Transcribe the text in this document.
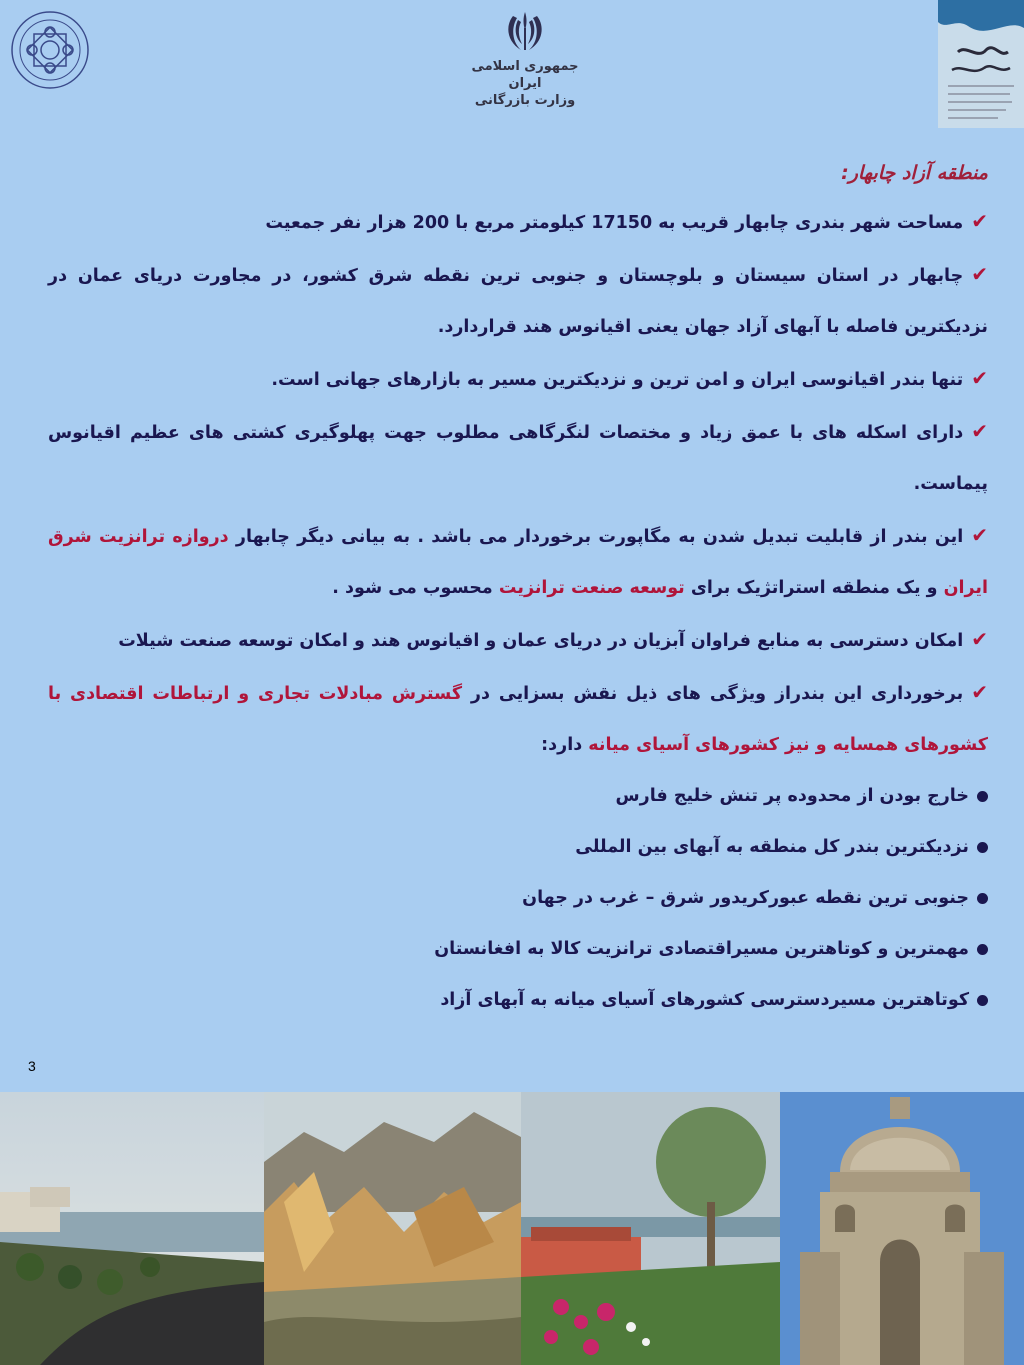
جمهوری اسلامی ایران
وزارت بازرگانی
منطقه آزاد چابهار:

✔مساحت شهر بندری چابهار قریب به 17150 کیلومتر مربع با 200 هزار نفر جمعیت

✔چابهار در استان سیستان و بلوچستان و جنوبی ترین نقطه شرق کشور، در مجاورت دریای عمان در نزدیکترین فاصله با آبهای آزاد جهان یعنی اقیانوس هند قراردارد.

✔تنها بندر اقیانوسی ایران و امن ترین و نزدیکترین مسیر به بازارهای جهانی است.

✔دارای اسکله های با عمق زیاد و مختصات لنگرگاهی مطلوب جهت پهلوگیری کشتی های عظیم اقیانوس پیماست.

✔این بندر از قابلیت تبدیل شدن به مگاپورت برخوردار می باشد . به بیانی دیگر چابهار دروازه ترانزیت شرق ایران و یک منطقه استراتژیک برای توسعه صنعت ترانزیت محسوب می شود .

✔امکان دسترسی به منابع فراوان آبزیان در دریای عمان و اقیانوس هند و امکان توسعه صنعت شیلات

✔برخورداری این بندراز ویژگی های ذیل نقش بسزایی در گسترش مبادلات تجاری و ارتباطات اقتصادی با کشورهای همسایه و نیز کشورهای آسیای میانه دارد:

خارج بودن از محدوده پر تنش خلیج فارس

نزدیکترین بندر کل منطقه به آبهای بین المللی

جنوبی ترین نقطه عبورکریدور شرق – غرب در جهان

مهمترین و کوتاهترین مسیراقتصادی ترانزیت کالا به افغانستان

کوتاهترین مسیردسترسی کشورهای آسیای میانه به آبهای آزاد

3
